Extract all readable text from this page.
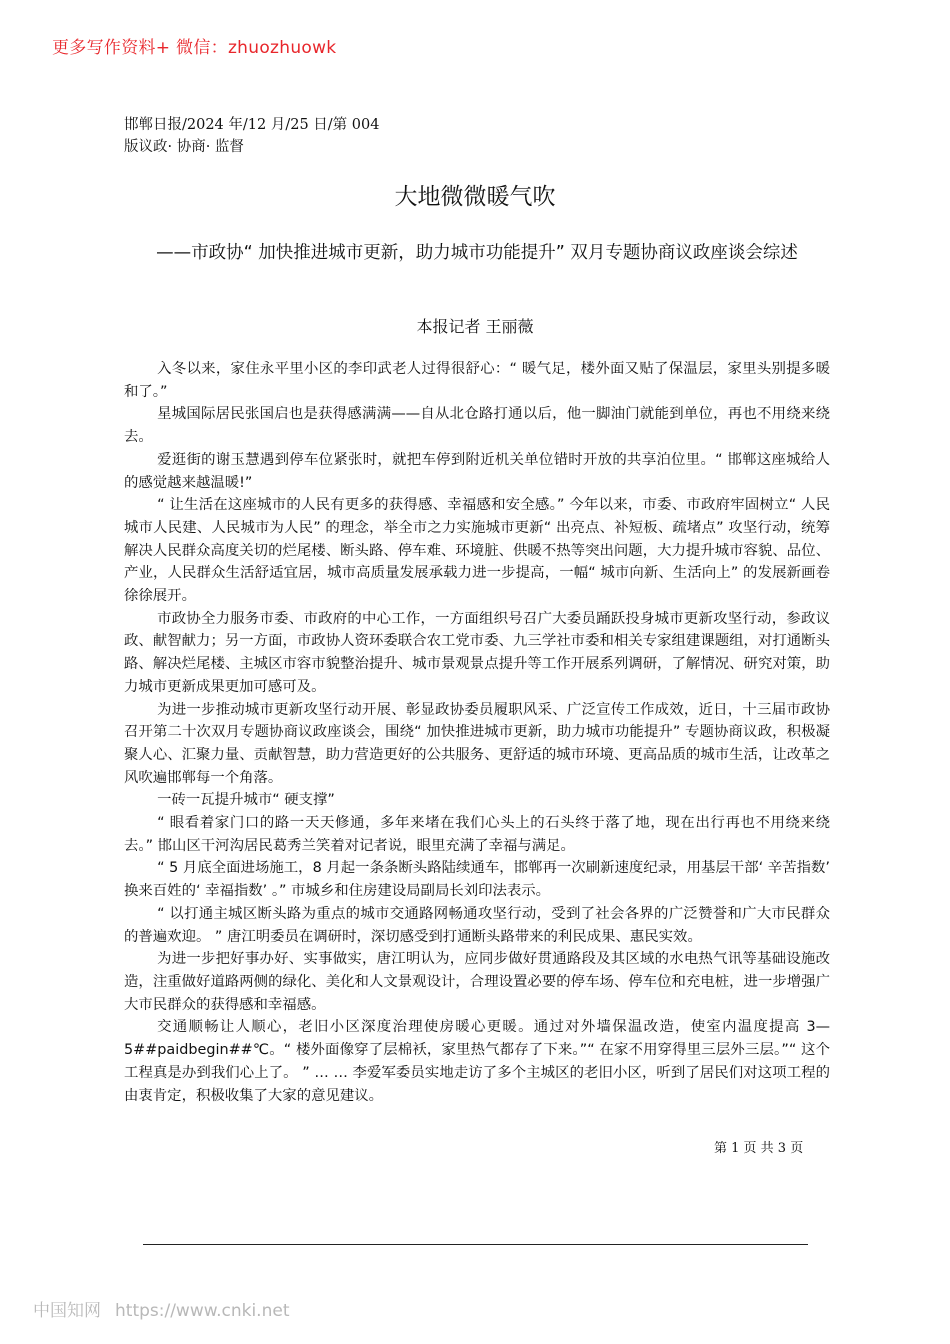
更多写作资料+ 微信：zhuozhuowk
邯郸日报/2024 年/12 月/25 日/第 004
版议政· 协商· 监督
大地微微暖气吹
——市政协“ 加快推进城市更新，助力城市功能提升” 双月专题协商议政座谈会综述
本报记者 王丽薇

入冬以来，家住永平里小区的李印武老人过得很舒心：“ 暖气足，楼外面又贴了保温层，家里头别提多暖和了。”

星城国际居民张国启也是获得感满满——自从北仓路打通以后，他一脚油门就能到单位，再也不用绕来绕去。

爱逛街的谢玉慧遇到停车位紧张时，就把车停到附近机关单位错时开放的共享泊位里。“ 邯郸这座城给人的感觉越来越温暖!”

“ 让生活在这座城市的人民有更多的获得感、幸福感和安全感。” 今年以来，市委、市政府牢固树立“ 人民城市人民建、人民城市为人民” 的理念，举全市之力实施城市更新“ 出亮点、补短板、疏堵点” 攻坚行动，统筹解决人民群众高度关切的烂尾楼、断头路、停车难、环境脏、供暖不热等突出问题，大力提升城市容貌、品位、产业，人民群众生活舒适宜居，城市高质量发展承载力进一步提高，一幅“ 城市向新、生活向上” 的发展新画卷徐徐展开。

市政协全力服务市委、市政府的中心工作，一方面组织号召广大委员踊跃投身城市更新攻坚行动，参政议政、献智献力；另一方面，市政协人资环委联合农工党市委、九三学社市委和相关专家组建课题组，对打通断头路、解决烂尾楼、主城区市容市貌整治提升、城市景观景点提升等工作开展系列调研，了解情况、研究对策，助力城市更新成果更加可感可及。

为进一步推动城市更新攻坚行动开展、彰显政协委员履职风采、广泛宣传工作成效，近日，十三届市政协召开第二十次双月专题协商议政座谈会，围绕“ 加快推进城市更新，助力城市功能提升” 专题协商议政，积极凝聚人心、汇聚力量、贡献智慧，助力营造更好的公共服务、更舒适的城市环境、更高品质的城市生活，让改革之风吹遍邯郸每一个角落。

一砖一瓦提升城市“ 硬支撑”

“ 眼看着家门口的路一天天修通，多年来堵在我们心头上的石头终于落了地，现在出行再也不用绕来绕去。” 邯山区干河沟居民葛秀兰笑着对记者说，眼里充满了幸福与满足。

“ 5 月底全面进场施工，8 月起一条条断头路陆续通车，邯郸再一次刷新速度纪录，用基层干部‘ 辛苦指数’ 换来百姓的‘ 幸福指数’ 。” 市城乡和住房建设局副局长刘印法表示。

“ 以打通主城区断头路为重点的城市交通路网畅通攻坚行动，受到了社会各界的广泛赞誉和广大市民群众的普遍欢迎。 ” 唐江明委员在调研时，深切感受到打通断头路带来的利民成果、惠民实效。

为进一步把好事办好、实事做实，唐江明认为，应同步做好贯通路段及其区域的水电热气讯等基础设施改造，注重做好道路两侧的绿化、美化和人文景观设计，合理设置必要的停车场、停车位和充电桩，进一步增强广大市民群众的获得感和幸福感。

交通顺畅让人顺心，老旧小区深度治理使房暖心更暖。通过对外墙保温改造，使室内温度提高 3—5##paidbegin##℃。“ 楼外面像穿了层棉袄，家里热气都存了下来。”“ 在家不用穿得里三层外三层。”“ 这个工程真是办到我们心上了。 ” … … 李爱军委员实地走访了多个主城区的老旧小区，听到了居民们对这项工程的由衷肯定，积极收集了大家的意见建议。

第 1 页 共 3 页
中国知网 https://www.cnki.net
